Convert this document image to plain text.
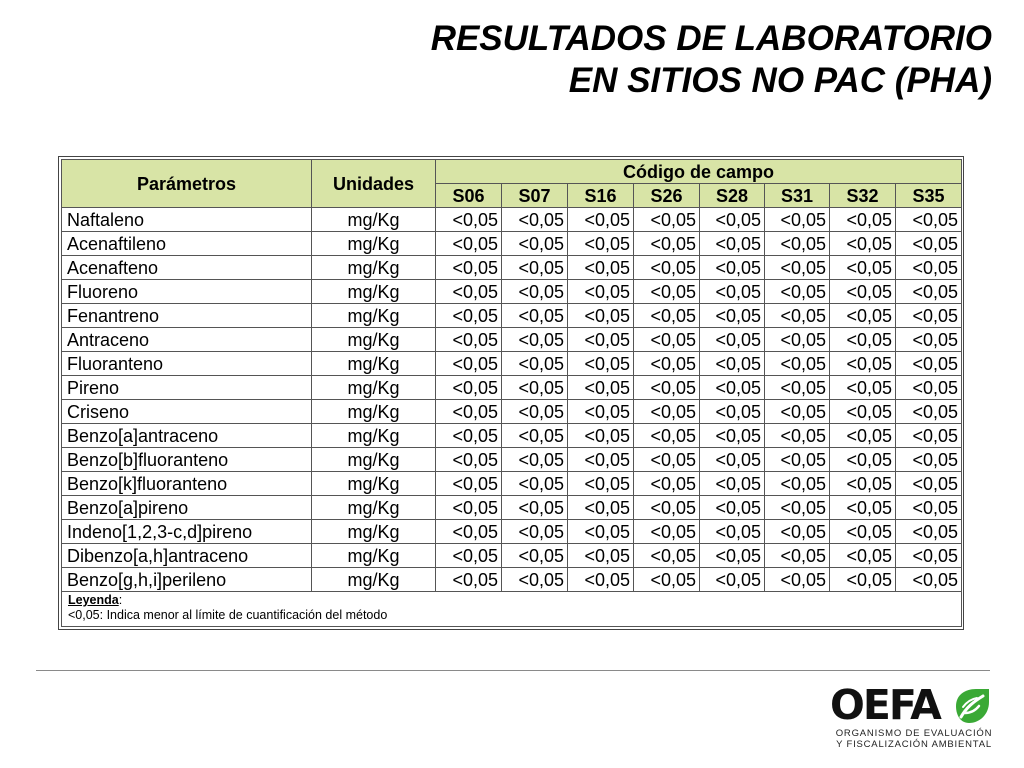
RESULTADOS DE LABORATORIO
EN SITIOS NO PAC (PHA)
Parámetros	Unidades	Código de campo							
		S06	S07	S16	S26	S28	S31	S32	S35
Naftaleno	mg/Kg	<0,05	<0,05	<0,05	<0,05	<0,05	<0,05	<0,05	<0,05
Acenaftileno	mg/Kg	<0,05	<0,05	<0,05	<0,05	<0,05	<0,05	<0,05	<0,05
Acenafteno	mg/Kg	<0,05	<0,05	<0,05	<0,05	<0,05	<0,05	<0,05	<0,05
Fluoreno	mg/Kg	<0,05	<0,05	<0,05	<0,05	<0,05	<0,05	<0,05	<0,05
Fenantreno	mg/Kg	<0,05	<0,05	<0,05	<0,05	<0,05	<0,05	<0,05	<0,05
Antraceno	mg/Kg	<0,05	<0,05	<0,05	<0,05	<0,05	<0,05	<0,05	<0,05
Fluoranteno	mg/Kg	<0,05	<0,05	<0,05	<0,05	<0,05	<0,05	<0,05	<0,05
Pireno	mg/Kg	<0,05	<0,05	<0,05	<0,05	<0,05	<0,05	<0,05	<0,05
Criseno	mg/Kg	<0,05	<0,05	<0,05	<0,05	<0,05	<0,05	<0,05	<0,05
Benzo[a]antraceno	mg/Kg	<0,05	<0,05	<0,05	<0,05	<0,05	<0,05	<0,05	<0,05
Benzo[b]fluoranteno	mg/Kg	<0,05	<0,05	<0,05	<0,05	<0,05	<0,05	<0,05	<0,05
Benzo[k]fluoranteno	mg/Kg	<0,05	<0,05	<0,05	<0,05	<0,05	<0,05	<0,05	<0,05
Benzo[a]pireno	mg/Kg	<0,05	<0,05	<0,05	<0,05	<0,05	<0,05	<0,05	<0,05
Indeno[1,2,3-c,d]pireno	mg/Kg	<0,05	<0,05	<0,05	<0,05	<0,05	<0,05	<0,05	<0,05
Dibenzo[a,h]antraceno	mg/Kg	<0,05	<0,05	<0,05	<0,05	<0,05	<0,05	<0,05	<0,05
Benzo[g,h,i]perileno	mg/Kg	<0,05	<0,05	<0,05	<0,05	<0,05	<0,05	<0,05	<0,05
Leyenda:
<0,05: Indica menor al límite de cuantificación del método									
OEFA
ORGANISMO DE EVALUACIÓN
Y FISCALIZACIÓN AMBIENTAL
